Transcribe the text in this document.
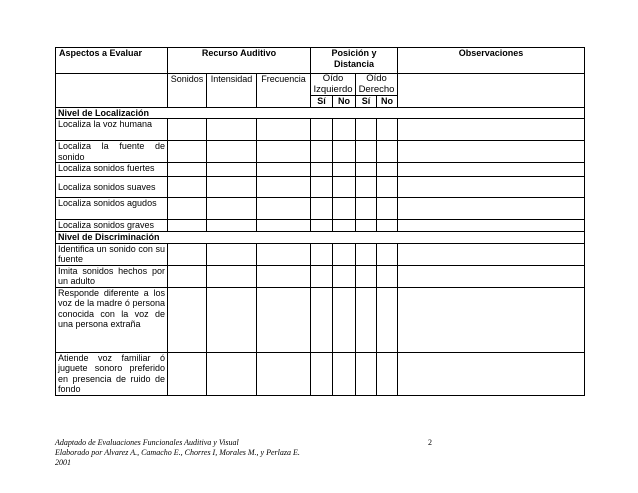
Aspectos a Evaluar	Recurso Auditivo			Posición y Distancia				Observaciones
	Sonidos	Intensidad	Frecuencia	Oído Izquierdo		Oído Derecho		
				Sí	No	Sí	No	
Nivel de Localización								
Localiza la voz humana								
Localiza la fuente de sonido								
Localiza sonidos fuertes								
Localiza sonidos suaves								
Localiza sonidos agudos								
Localiza sonidos graves								
Nivel de Discriminación								
Identifica un sonido con su fuente								
Imita sonidos hechos por un adulto								
Responde diferente a los voz de la madre ó persona conocida con la voz de una persona extraña								
Atiende voz familiar ó juguete sonoro preferido en presencia de ruido de fondo								
Adaptado de Evaluaciones Funcionales Auditiva y Visual
Elaborado por Alvarez A., Camacho E., Chorres I, Morales M., y Perlaza E.
2001
2
